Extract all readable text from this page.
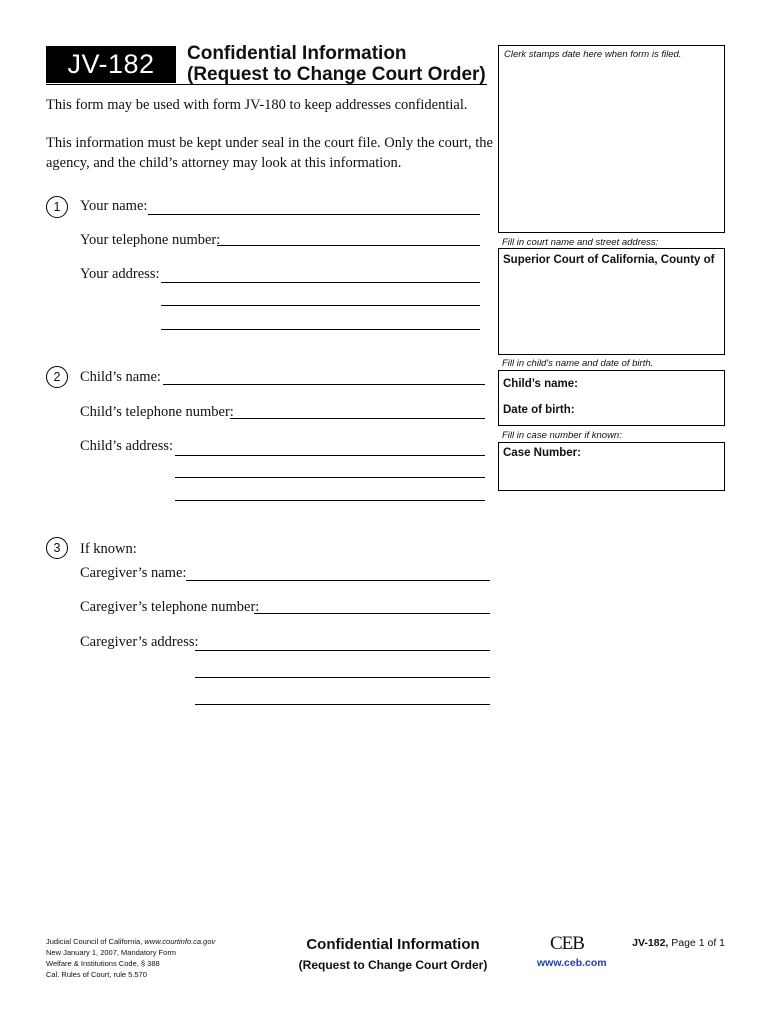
JV-182	Confidential Information
(Request to Change Court Order)
This form may be used with form JV-180 to keep addresses confidential.
This information must be kept under seal in the court file. Only the court, the
agency, and the child’s attorney may look at this information.
1	Your name:
Your telephone number:
Your address:
2	Child’s name:
Child’s telephone number:
Child’s address:
3	If known:
Caregiver’s name:
Caregiver’s telephone number:
Caregiver’s address:
Clerk stamps date here when form is filed.
Fill in court name and street address:
Superior Court of California, County of
Fill in child's name and date of birth.
Child’s name:
Date of birth:
Fill in case number if known:
Case Number:
Judicial Council of California, www.courtinfo.ca.gov
New January 1, 2007, Mandatory Form
Welfare & Institutions Code, § 388
Cal. Rules of Court, rule 5.570
Confidential Information
(Request to Change Court Order)
CEB
www.ceb.com
JV-182, Page 1 of 1
